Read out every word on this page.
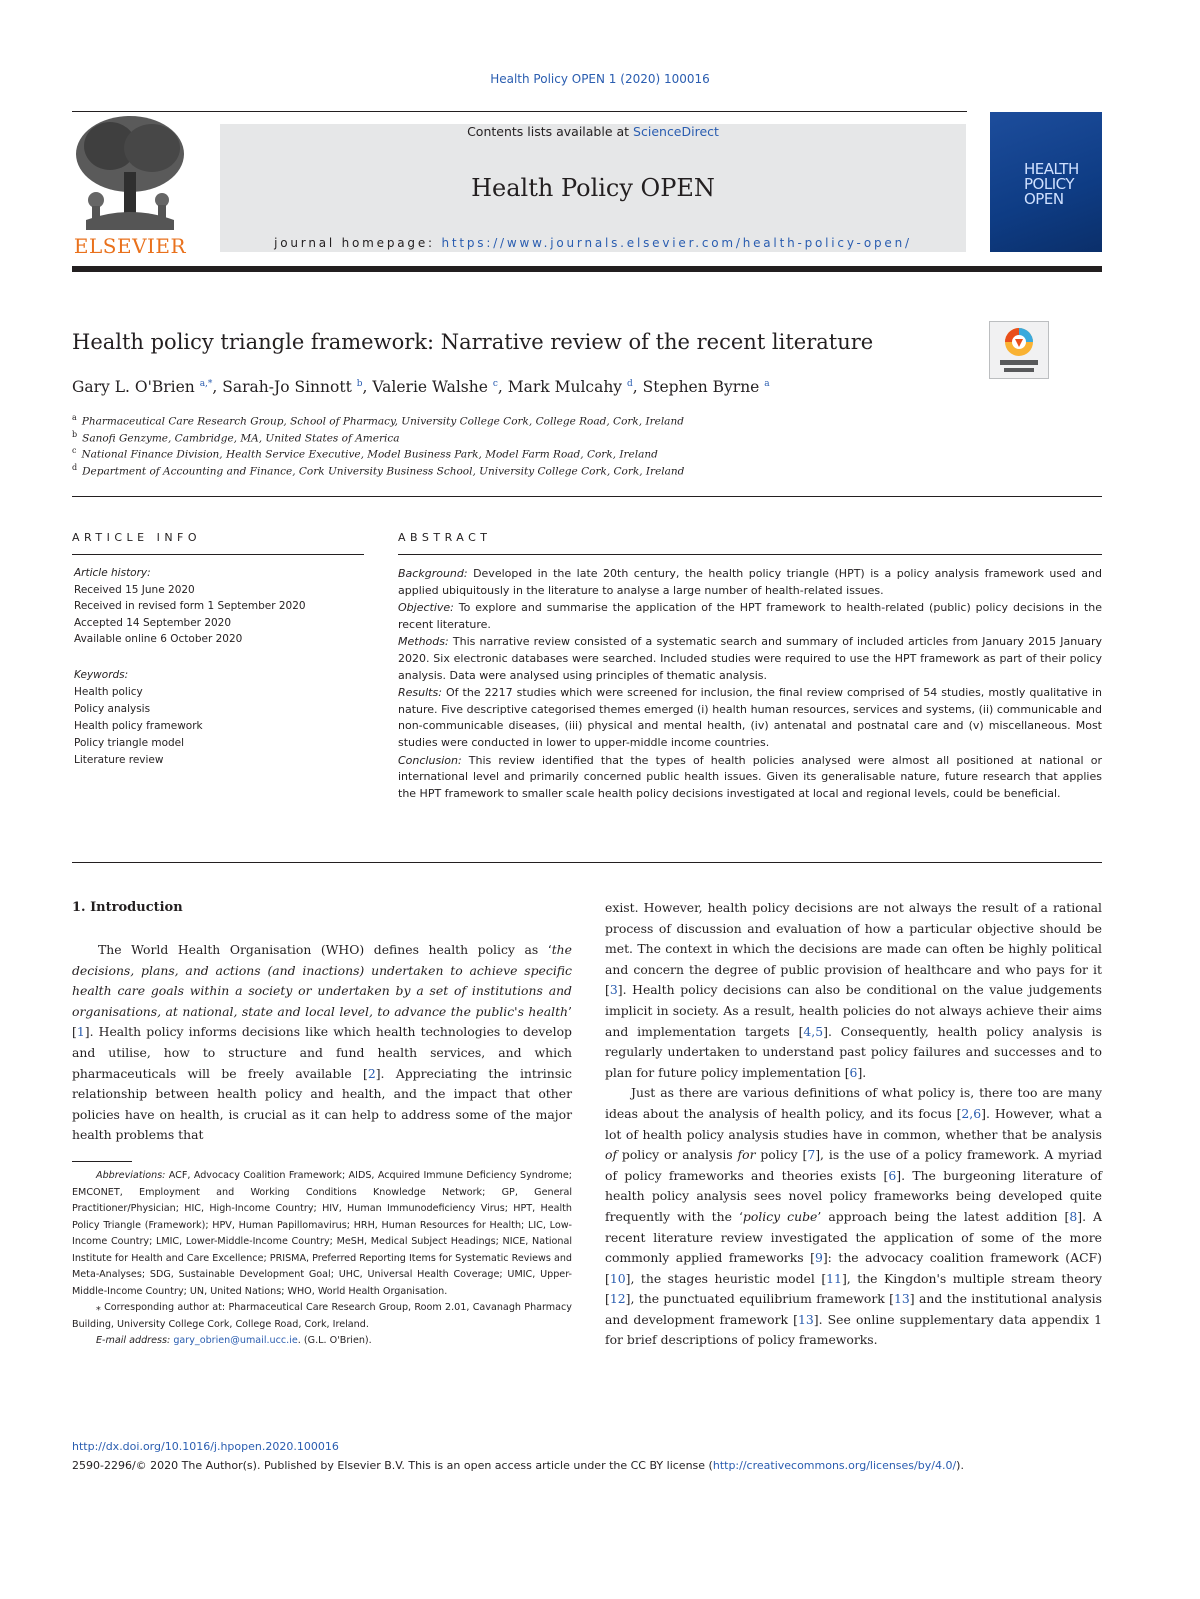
Health Policy OPEN 1 (2020) 100016
ELSEVIER
Contents lists available at ScienceDirect
Health Policy OPEN
journal homepage: https://www.journals.elsevier.com/health-policy-open/
HEALTH
POLICY
OPEN
Health policy triangle framework: Narrative review of the recent literature
Gary L. O'Brien $^{a,*}$, Sarah-Jo Sinnott $^b$, Valerie Walshe $^c$, Mark Mulcahy $^d$, Stephen Byrne $^a$
$^a$ Pharmaceutical Care Research Group, School of Pharmacy, University College Cork, College Road, Cork, Ireland
$^b$ Sanofi Genzyme, Cambridge, MA, United States of America
$^c$ National Finance Division, Health Service Executive, Model Business Park, Model Farm Road, Cork, Ireland
$^d$ Department of Accounting and Finance, Cork University Business School, University College Cork, Cork, Ireland
ARTICLE INFO
Article history:
Received 15 June 2020
Received in revised form 1 September 2020
Accepted 14 September 2020
Available online 6 October 2020
Keywords:
Health policy
Policy analysis
Health policy framework
Policy triangle model
Literature review
ABSTRACT

Background: Developed in the late 20th century, the health policy triangle (HPT) is a policy analysis framework used and applied ubiquitously in the literature to analyse a large number of health-related issues.

Objective: To explore and summarise the application of the HPT framework to health-related (public) policy decisions in the recent literature.

Methods: This narrative review consisted of a systematic search and summary of included articles from January 2015 January 2020. Six electronic databases were searched. Included studies were required to use the HPT framework as part of their policy analysis. Data were analysed using principles of thematic analysis.

Results: Of the 2217 studies which were screened for inclusion, the final review comprised of 54 studies, mostly qualitative in nature. Five descriptive categorised themes emerged (i) health human resources, services and systems, (ii) communicable and non-communicable diseases, (iii) physical and mental health, (iv) antenatal and postnatal care and (v) miscellaneous. Most studies were conducted in lower to upper-middle income countries.

Conclusion: This review identified that the types of health policies analysed were almost all positioned at national or international level and primarily concerned public health issues. Given its generalisable nature, future research that applies the HPT framework to smaller scale health policy decisions investigated at local and regional levels, could be beneficial.

1. Introduction

The World Health Organisation (WHO) defines health policy as ‘the decisions, plans, and actions (and inactions) undertaken to achieve specific health care goals within a society or undertaken by a set of institutions and organisations, at national, state and local level, to advance the public's health’ [1]. Health policy informs decisions like which health technologies to develop and utilise, how to structure and fund health services, and which pharmaceuticals will be freely available [2]. Appreciating the intrinsic relationship between health policy and health, and the impact that other policies have on health, is crucial as it can help to address some of the major health problems that

exist. However, health policy decisions are not always the result of a rational process of discussion and evaluation of how a particular objective should be met. The context in which the decisions are made can often be highly political and concern the degree of public provision of healthcare and who pays for it [3]. Health policy decisions can also be conditional on the value judgements implicit in society. As a result, health policies do not always achieve their aims and implementation targets [4,5]. Consequently, health policy analysis is regularly undertaken to understand past policy failures and successes and to plan for future policy implementation [6].

Just as there are various definitions of what policy is, there too are many ideas about the analysis of health policy, and its focus [2,6]. However, what a lot of health policy analysis studies have in common, whether that be analysis of policy or analysis for policy [7], is the use of a policy framework. A myriad of policy frameworks and theories exists [6]. The burgeoning literature of health policy analysis sees novel policy frameworks being developed quite frequently with the ‘policy cube’ approach being the latest addition [8]. A recent literature review investigated the application of some of the more commonly applied frameworks [9]: the advocacy coalition framework (ACF) [10], the stages heuristic model [11], the Kingdon's multiple stream theory [12], the punctuated equilibrium framework [13] and the institutional analysis and development framework [13]. See online supplementary data appendix 1 for brief descriptions of policy frameworks.

Abbreviations: ACF, Advocacy Coalition Framework; AIDS, Acquired Immune Deficiency Syndrome; EMCONET, Employment and Working Conditions Knowledge Network; GP, General Practitioner/Physician; HIC, High-Income Country; HIV, Human Immunodeficiency Virus; HPT, Health Policy Triangle (Framework); HPV, Human Papillomavirus; HRH, Human Resources for Health; LIC, Low-Income Country; LMIC, Lower-Middle-Income Country; MeSH, Medical Subject Headings; NICE, National Institute for Health and Care Excellence; PRISMA, Preferred Reporting Items for Systematic Reviews and Meta-Analyses; SDG, Sustainable Development Goal; UHC, Universal Health Coverage; UMIC, Upper-Middle-Income Country; UN, United Nations; WHO, World Health Organisation.

⁎ Corresponding author at: Pharmaceutical Care Research Group, Room 2.01, Cavanagh Pharmacy Building, University College Cork, College Road, Cork, Ireland.

E-mail address: gary_obrien@umail.ucc.ie. (G.L. O'Brien).

http://dx.doi.org/10.1016/j.hpopen.2020.100016
2590-2296/© 2020 The Author(s). Published by Elsevier B.V. This is an open access article under the CC BY license (http://creativecommons.org/licenses/by/4.0/).
